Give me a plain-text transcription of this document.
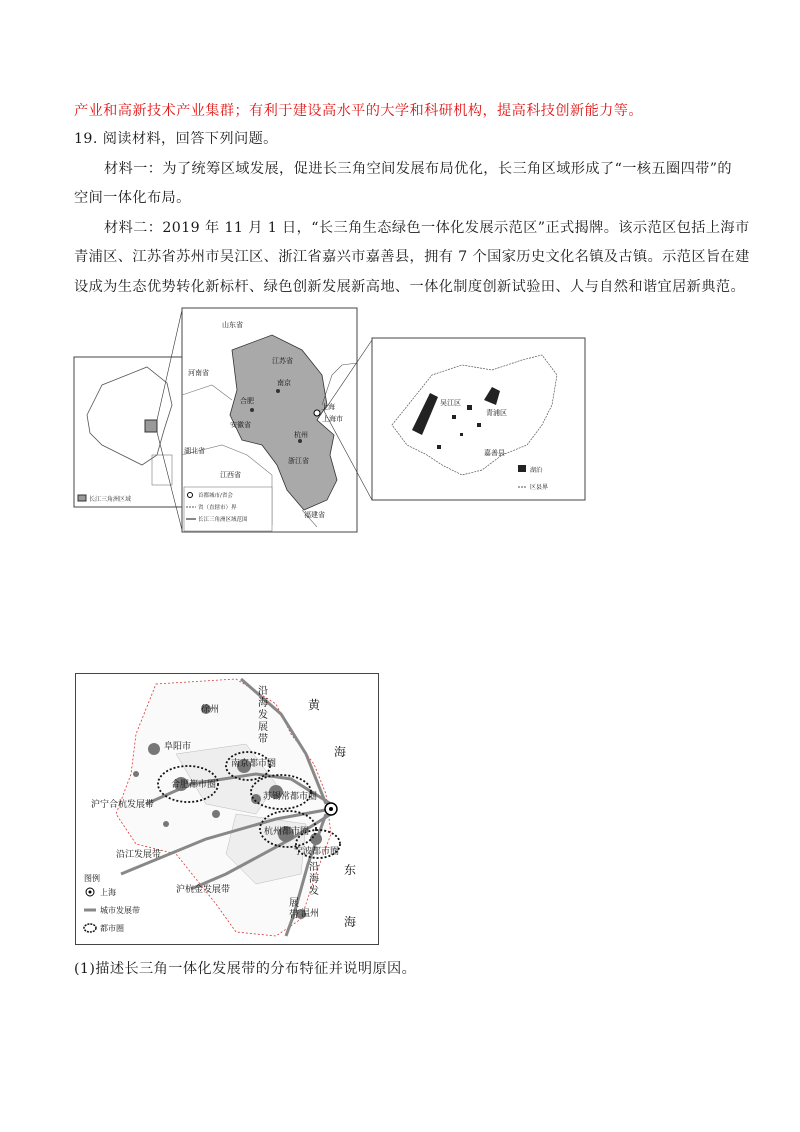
产业和高新技术产业集群；有利于建设高水平的大学和科研机构，提高科技创新能力等。
19. 阅读材料，回答下列问题。
材料一：为了统筹区域发展，促进长三角空间发展布局优化，长三角区域形成了“一核五圈四带”的
空间一体化布局。
材料二：2019 年 11 月 1 日，“长三角生态绿色一体化发展示范区”正式揭牌。该示范区包括上海市
青浦区、江苏省苏州市吴江区、浙江省嘉兴市嘉善县，拥有 7 个国家历史文化名镇及古镇。示范区旨在建
设成为生态优势转化新标杆、绿色创新发展新高地、一体化制度创新试验田、人与自然和谐宜居新典范。
长江三角洲区域
山东省
河南省
江苏省
合肥
南京
安徽省
上海
上海市
杭州
浙江省
湖北省
江西省
福建省
首都城市/省会
省（直辖市）界
长江三角洲区域范围
吴江区
青浦区
嘉善县
湖泊
区县界
徐州
阜阳市
合肥都市圈
南京都市圈
苏锡常都市圈
杭州都市圈
宁波都市圈
温州
沪宁合杭发展带
沿江发展带
沪杭金发展带
沿
海
发
展
带
沿
海
发
展
带
黄
海
东
海
图例
上海
城市发展带
都市圈
(1)描述长三角一体化发展带的分布特征并说明原因。
